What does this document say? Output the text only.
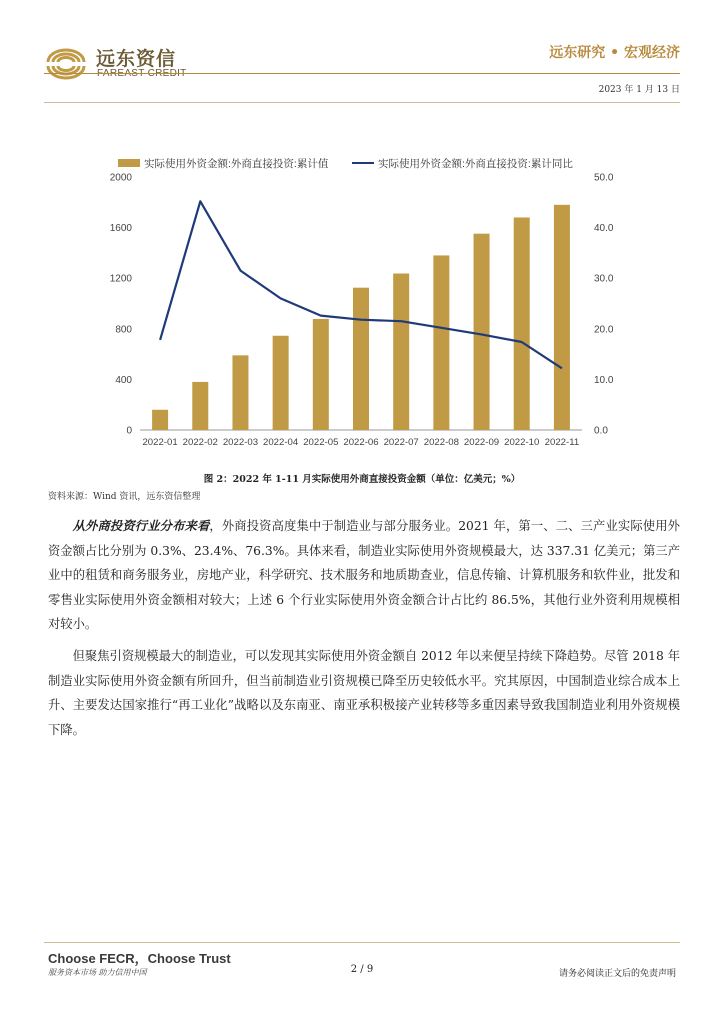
远东资信	远东研究 • 宏观经济
2023 年 1 月 13 日
实际使用外资金额:外商直接投资:累计值	实际使用外资金额:外商直接投资:累计同比
0
400
800
1200
1600
2000
0.0
10.0
20.0
30.0
40.0
50.0
2022-01 2022-02 2022-03 2022-04 2022-05 2022-06 2022-07 2022-08 2022-09 2022-10 2022-11
图 2：2022 年 1-11 月实际使用外商直接投资金额（单位：亿美元；%）
资料来源：Wind 资讯，远东资信整理
从外商投资行业分布来看，外商投资高度集中于制造业与部分服务业。2021 年，第一、二、三产业实际使用外资金额占比分别为 0.3%、23.4%、76.3%。具体来看，制造业实际使用外资规模最大，达 337.31 亿美元；第三产业中的租赁和商务服务业，房地产业，科学研究、技术服务和地质勘查业，信息传输、计算机服务和软件业，批发和零售业实际使用外资金额相对较大；上述 6 个行业实际使用外资金额合计占比约 86.5%，其他行业外资利用规模相对较小。
但聚焦引资规模最大的制造业，可以发现其实际使用外资金额自 2012 年以来便呈持续下降趋势。尽管 2018 年制造业实际使用外资金额有所回升，但当前制造业引资规模已降至历史较低水平。究其原因，中国制造业综合成本上升、主要发达国家推行“再工业化”战略以及东南亚、南亚承积极接产业转移等多重因素导致我国制造业利用外资规模下降。
Choose FECR，Choose Trust
服务资本市场 助力信用中国	2 / 9	请务必阅读正文后的免责声明
